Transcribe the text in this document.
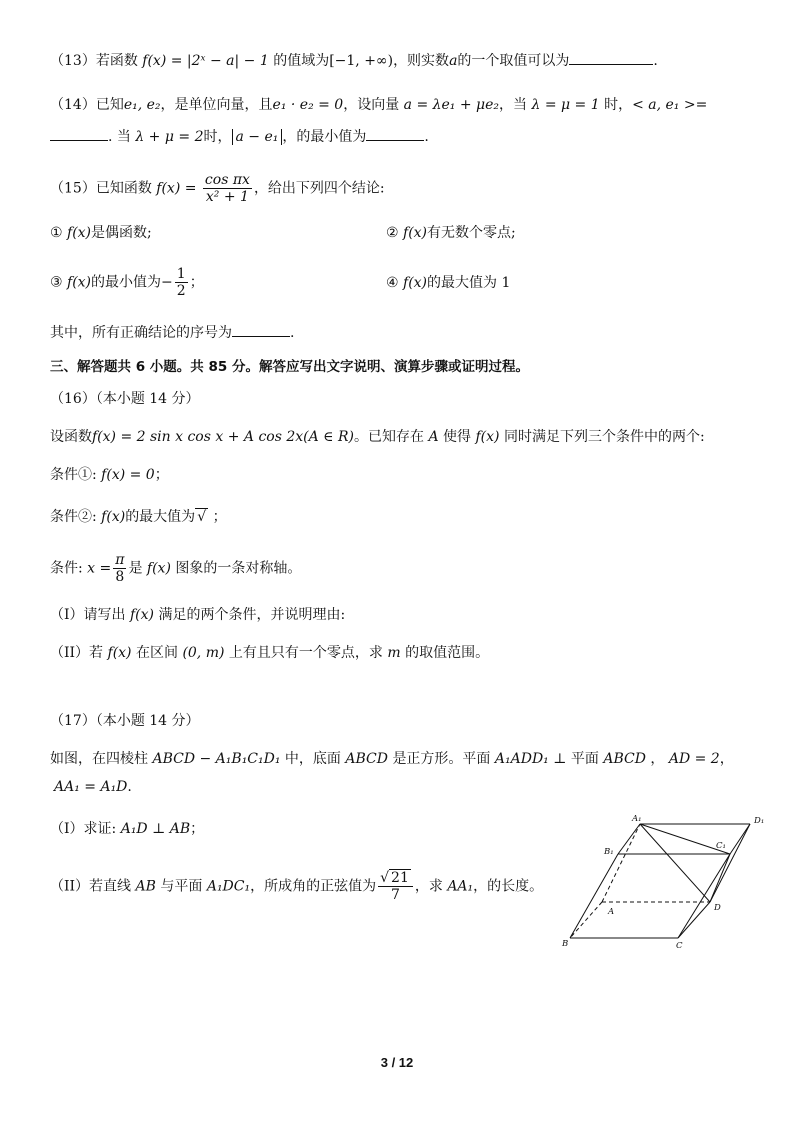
（13）若函数 f(x) = |2ˣ − a| − 1 的值域为[−1, +∞)，则实数a的一个取值可以为	.
（14）已知e₁, e₂，是单位向量，且e₁ · e₂ = 0，设向量 a = λe₁ + μe₂，当 λ = μ = 1 时，< a, e₁ >=
. 当 λ + μ = 2时， a − e₁ ，的最小值为	.
（15）已知函数 $f(x) = \frac{\text{cos πx}}{\text{x² + 1}}$ ，给出下列四个结论:
① f(x)是偶函数;	② f(x)有无数个零点;
③ f(x)的最小值为− $\frac{1}{2}$ ；	④ f(x)的最大值为 1
其中，所有正确结论的序号为	.
三、解答题共 6 小题。共 85 分。解答应写出文字说明、演算步骤或证明过程。
（16）（本小题 14 分）
设函数f(x) = 2 sin x cos x + A cos 2x(A ∈ R)。已知存在 A 使得 f(x) 同时满足下列三个条件中的两个:
条件①: f(x) = 0；
条件②: f(x)的最大值为 √ ；
条件: $x = \frac{\pi}{8}$ 是 f(x) 图象的一条对称轴。
（I）请写出 f(x) 满足的两个条件，并说明理由:
（II）若 f(x) 在区间 (0, m) 上有且只有一个零点，求 m 的取值范围。
（17）（本小题 14 分）
如图，在四棱柱 ABCD − A₁B₁C₁D₁ 中，底面 ABCD 是正方形。平面 A₁ADD₁ ⊥ 平面 ABCD ， AD = 2，
AA₁ = A₁D.
（I）求证: A₁D ⊥ AB；
（II）若直线 AB 与平面 A₁DC₁，所成角的正弦值为 $\frac{√ 21}{7}$ ，求 AA₁，的长度。
A₁	D₁
B₁
C₁
A	D
B	C
3 / 12
